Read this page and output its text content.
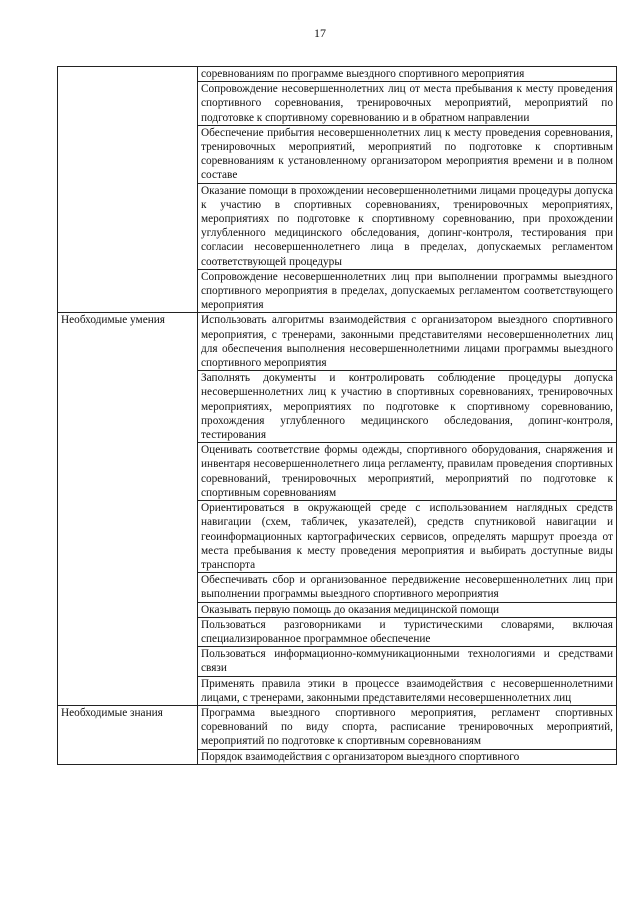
17
	соревнованиям по программе выездного спортивного мероприятия
	Сопровождение несовершеннолетних лиц от места пребывания к месту проведения спортивного соревнования, тренировочных мероприятий, мероприятий по подготовке к спортивному соревнованию и в обратном направлении
	Обеспечение прибытия несовершеннолетних лиц к месту проведения соревнования, тренировочных мероприятий, мероприятий по подготовке к спортивным соревнованиям к установленному организатором мероприятия времени и в полном составе
	Оказание помощи в прохождении несовершеннолетними лицами процедуры допуска к участию в спортивных соревнованиях, тренировочных мероприятиях, мероприятиях по подготовке к спортивному соревнованию, при прохождении углубленного медицинского обследования, допинг-контроля, тестирования при согласии несовершеннолетнего лица в пределах, допускаемых регламентом соответствующей процедуры
	Сопровождение несовершеннолетних лиц при выполнении программы выездного спортивного мероприятия в пределах, допускаемых регламентом соответствующего мероприятия
Необходимые умения	Использовать алгоритмы взаимодействия с организатором выездного спортивного мероприятия, с тренерами, законными представителями несовершеннолетних лиц для обеспечения выполнения несовершеннолетними лицами программы выездного спортивного мероприятия
	Заполнять документы и контролировать соблюдение процедуры допуска несовершеннолетних лиц к участию в спортивных соревнованиях, тренировочных мероприятиях, мероприятиях по подготовке к спортивному соревнованию, прохождения углубленного медицинского обследования, допинг-контроля, тестирования
	Оценивать соответствие формы одежды, спортивного оборудования, снаряжения и инвентаря несовершеннолетнего лица регламенту, правилам проведения спортивных соревнований, тренировочных мероприятий, мероприятий по подготовке к спортивным соревнованиям
	Ориентироваться в окружающей среде с использованием наглядных средств навигации (схем, табличек, указателей), средств спутниковой навигации и геоинформационных картографических сервисов, определять маршрут проезда от места пребывания к месту проведения мероприятия и выбирать доступные виды транспорта
	Обеспечивать сбор и организованное передвижение несовершеннолетних лиц при выполнении программы выездного спортивного мероприятия
	Оказывать первую помощь до оказания медицинской помощи
	Пользоваться разговорниками и туристическими словарями, включая специализированное программное обеспечение
	Пользоваться информационно-коммуникационными технологиями и средствами связи
	Применять правила этики в процессе взаимодействия с несовершеннолетними лицами, с тренерами, законными представителями несовершеннолетних лиц
Необходимые знания	Программа выездного спортивного мероприятия, регламент спортивных соревнований по виду спорта, расписание тренировочных мероприятий, мероприятий по подготовке к спортивным соревнованиям

	Порядок взаимодействия с организатором выездного спортивного
